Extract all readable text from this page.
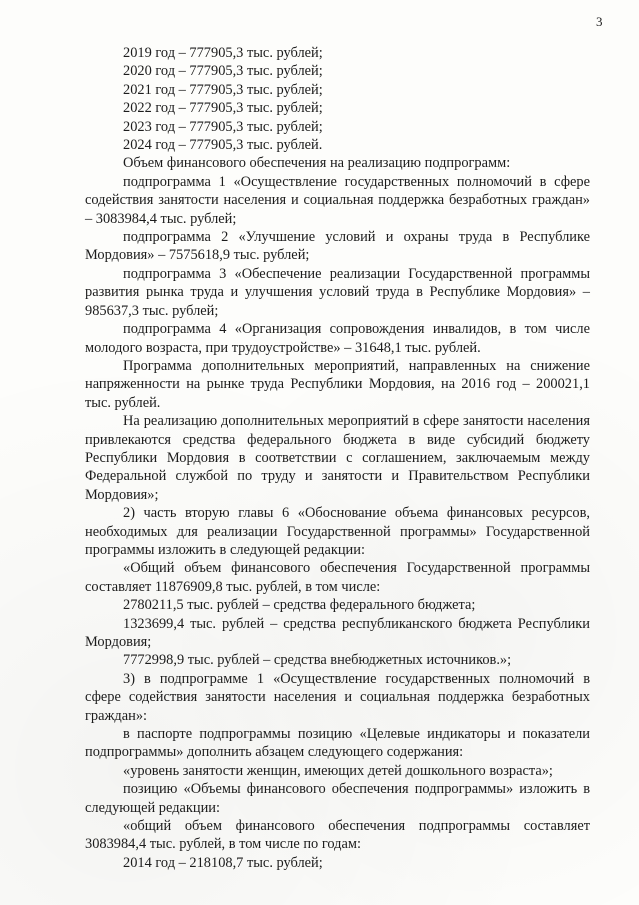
3
2019 год – 777905,3 тыс. рублей;
2020 год – 777905,3 тыс. рублей;
2021 год – 777905,3 тыс. рублей;
2022 год – 777905,3 тыс. рублей;
2023 год – 777905,3 тыс. рублей;
2024 год – 777905,3 тыс. рублей.

Объем финансового обеспечения на реализацию подпрограмм:

подпрограмма 1 «Осуществление государственных полномочий в сфере содействия занятости населения и социальная поддержка безработных граждан» – 3083984,4 тыс. рублей;

подпрограмма 2 «Улучшение условий и охраны труда в Республике Мордовия» – 7575618,9 тыс. рублей;

подпрограмма 3 «Обеспечение реализации Государственной программы развития рынка труда и улучшения условий труда в Республике Мордовия» – 985637,3 тыс. рублей;

подпрограмма 4 «Организация сопровождения инвалидов, в том числе молодого возраста, при трудоустройстве» – 31648,1 тыс. рублей.

Программа дополнительных мероприятий, направленных на снижение напряженности на рынке труда Республики Мордовия, на 2016 год – 200021,1 тыс. рублей.

На реализацию дополнительных мероприятий в сфере занятости населения привлекаются средства федерального бюджета в виде субсидий бюджету Республики Мордовия в соответствии с соглашением, заключаемым между Федеральной службой по труду и занятости и Правительством Республики Мордовия»;

2) часть вторую главы 6 «Обоснование объема финансовых ресурсов, необходимых для реализации Государственной программы» Государственной программы изложить в следующей редакции:

«Общий объем финансового обеспечения Государственной программы составляет 11876909,8 тыс. рублей, в том числе:

2780211,5 тыс. рублей – средства федерального бюджета;

1323699,4 тыс. рублей – средства республиканского бюджета Республики Мордовия;

7772998,9 тыс. рублей – средства внебюджетных источников.»;

3) в подпрограмме 1 «Осуществление государственных полномочий в сфере содействия занятости населения и социальная поддержка безработных граждан»:

в паспорте подпрограммы позицию «Целевые индикаторы и показатели подпрограммы» дополнить абзацем следующего содержания:

«уровень занятости женщин, имеющих детей дошкольного возраста»;

позицию «Объемы финансового обеспечения подпрограммы» изложить в следующей редакции:

«общий объем финансового обеспечения подпрограммы составляет 3083984,4 тыс. рублей, в том числе по годам:

2014 год – 218108,7 тыс. рублей;
